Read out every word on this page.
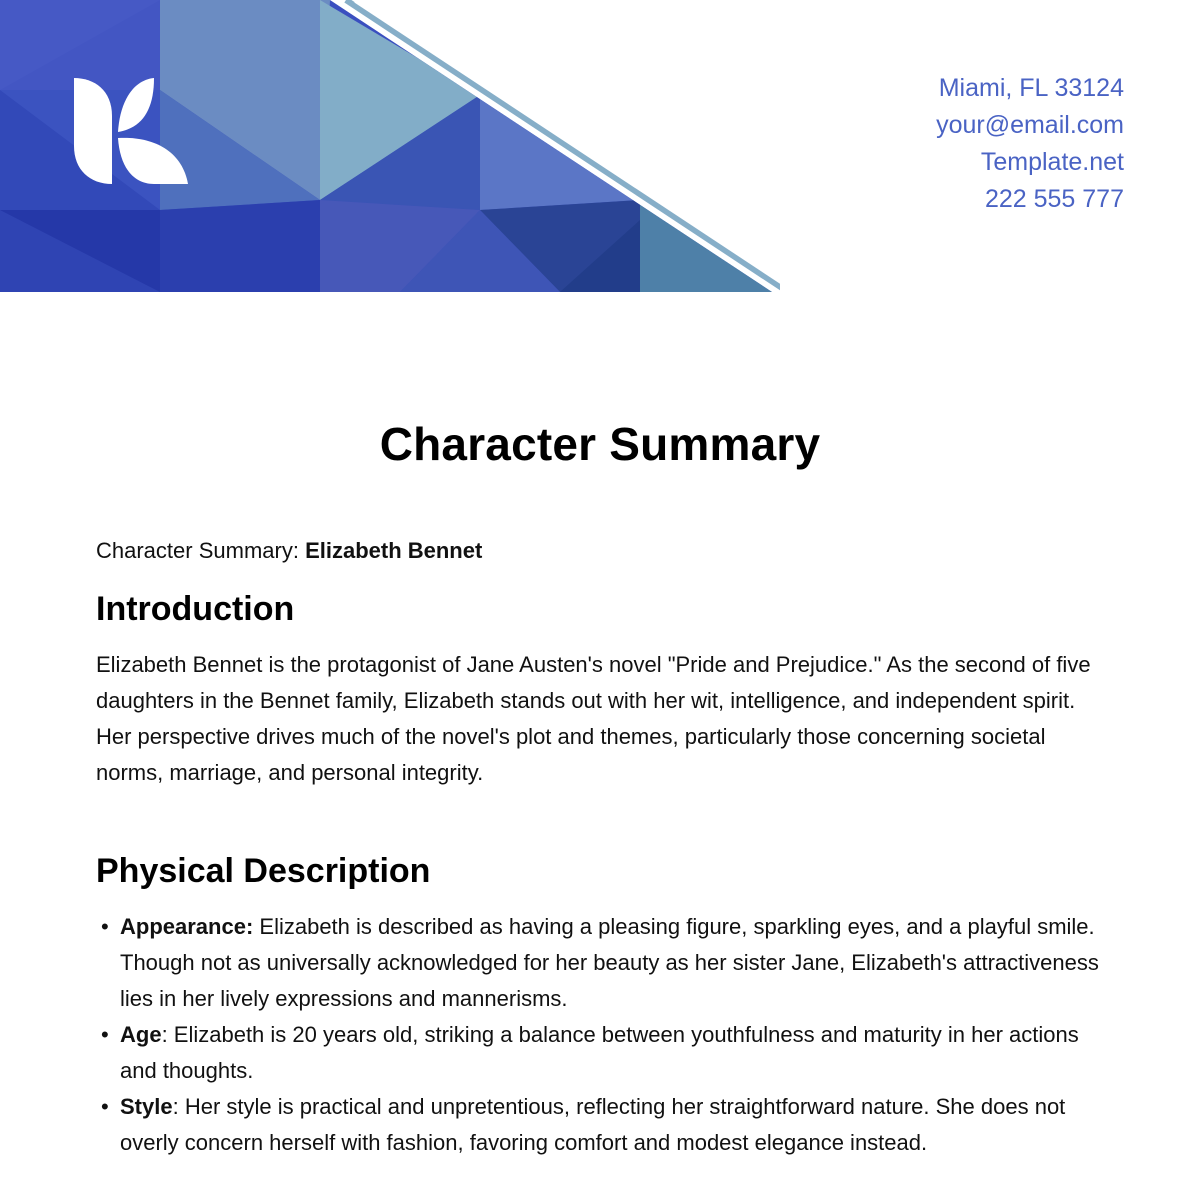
Miami, FL 33124
your@email.com
Template.net
222 555 777
Character Summary
Character Summary: Elizabeth Bennet
Introduction

Elizabeth Bennet is the protagonist of Jane Austen's novel "Pride and Prejudice." As the second of five daughters in the Bennet family, Elizabeth stands out with her wit, intelligence, and independent spirit. Her perspective drives much of the novel's plot and themes, particularly those concerning societal norms, marriage, and personal integrity.

Physical Description
• Appearance: Elizabeth is described as having a pleasing figure, sparkling eyes, and a playful smile. Though not as universally acknowledged for her beauty as her sister Jane, Elizabeth's attractiveness lies in her lively expressions and mannerisms.
• Age: Elizabeth is 20 years old, striking a balance between youthfulness and maturity in her actions and thoughts.
• Style: Her style is practical and unpretentious, reflecting her straightforward nature. She does not overly concern herself with fashion, favoring comfort and modest elegance instead.
